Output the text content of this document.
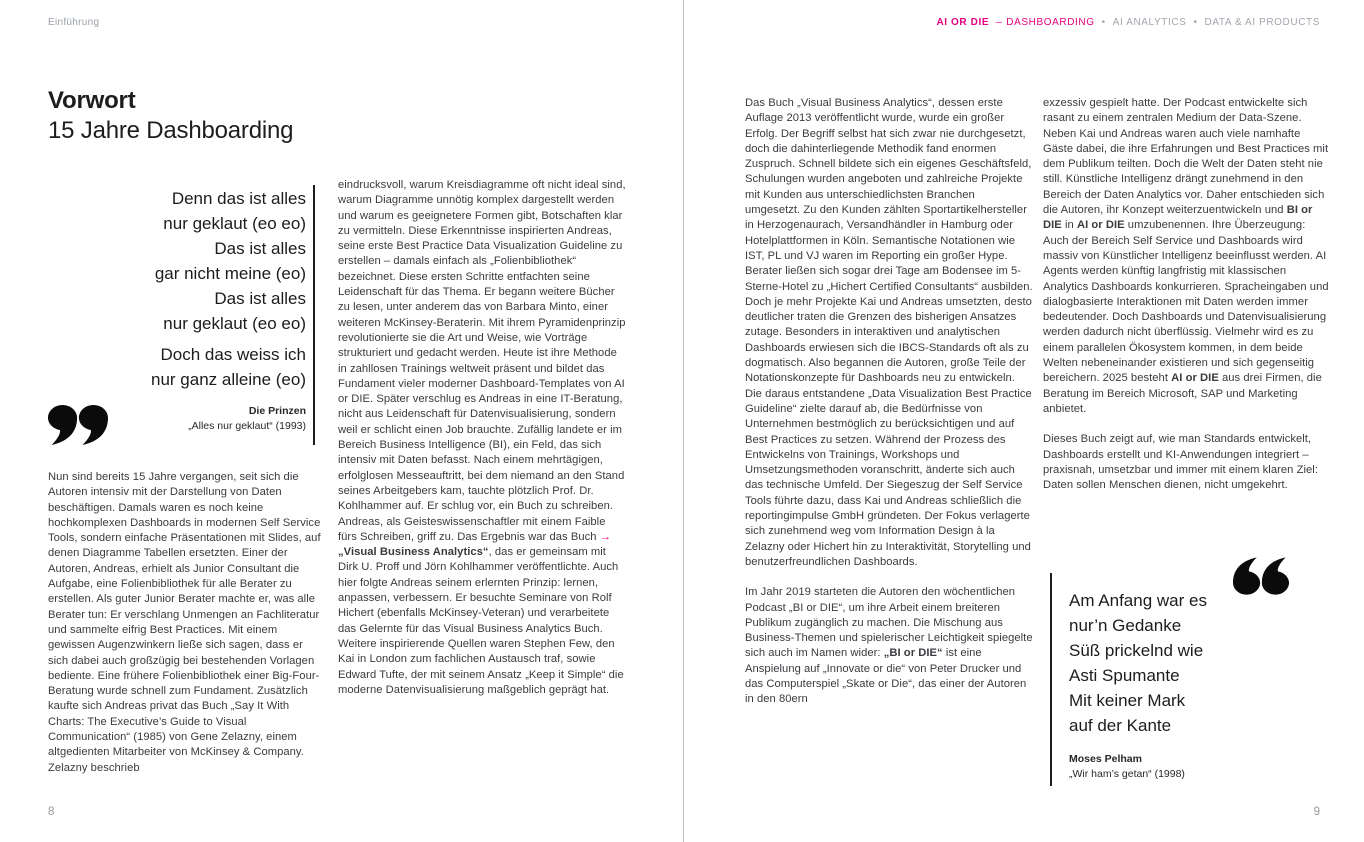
Einführung
Vorwort
15 Jahre Dashboarding
Denn das ist alles
nur geklaut (eo eo)
Das ist alles
gar nicht meine (eo)
Das ist alles
nur geklaut (eo eo)
Doch das weiss ich
nur ganz alleine (eo)
Die Prinzen
„Alles nur geklaut“ (1993)

Nun sind bereits 15 Jahre vergangen, seit sich die Autoren intensiv mit der Darstellung von Daten beschäftigen. Damals waren es noch keine hochkomplexen Dashboards in modernen Self Service Tools, sondern einfache Präsentationen mit Slides, auf denen Diagramme Tabellen ersetzten. Einer der Autoren, Andreas, erhielt als Junior Consultant die Aufgabe, eine Folienbibliothek für alle Berater zu erstellen. Als guter Junior Berater machte er, was alle Berater tun: Er verschlang Unmengen an Fachliteratur und sammelte eifrig Best Practices. Mit einem gewissen Augenzwinkern ließe sich sagen, dass er sich dabei auch großzügig bei bestehenden Vorlagen bediente. Eine frühere Folienbibliothek einer Big-Four-Beratung wurde schnell zum Fundament. Zusätzlich kaufte sich Andreas privat das Buch „Say It With Charts: The Executive’s Guide to Visual Communication“ (1985) von Gene Zelazny, einem altgedienten Mitarbeiter von McKinsey & Company. Zelazny beschrieb

eindrucksvoll, warum Kreisdiagramme oft nicht ideal sind, warum Diagramme unnötig komplex dargestellt werden und warum es geeignetere Formen gibt, Botschaften klar zu vermitteln. Diese Erkenntnisse inspirierten Andreas, seine erste Best Practice Data Visualization Guideline zu erstellen – damals einfach als „Folienbibliothek“ bezeichnet. Diese ersten Schritte entfachten seine Leidenschaft für das Thema. Er begann weitere Bücher zu lesen, unter anderem das von Barbara Minto, einer weiteren McKinsey-Beraterin. Mit ihrem Pyramidenprinzip revolutionierte sie die Art und Weise, wie Vorträge strukturiert und gedacht werden. Heute ist ihre Methode in zahllosen Trainings weltweit präsent und bildet das Fundament vieler moderner Dashboard-Templates von AI or DIE. Später verschlug es Andreas in eine IT-Beratung, nicht aus Leidenschaft für Datenvisualisierung, sondern weil er schlicht einen Job brauchte. Zufällig landete er im Bereich Business Intelligence (BI), ein Feld, das sich intensiv mit Daten befasst. Nach einem mehrtägigen, erfolglosen Messeauftritt, bei dem niemand an den Stand seines Arbeitgebers kam, tauchte plötzlich Prof. Dr. Kohlhammer auf. Er schlug vor, ein Buch zu schreiben. Andreas, als Geisteswissenschaftler mit einem Faible fürs Schreiben, griff zu. Das Ergebnis war das Buch → „Visual Business Analytics“, das er gemeinsam mit Dirk U. Proff und Jörn Kohlhammer veröffentlichte. Auch hier folgte Andreas seinem erlernten Prinzip: lernen, anpassen, verbessern. Er besuchte Seminare von Rolf Hichert (ebenfalls McKinsey-Veteran) und verarbeitete das Gelernte für das Visual Business Analytics Buch. Weitere inspirierende Quellen waren Stephen Few, den Kai in London zum fachlichen Austausch traf, sowie Edward Tufte, der mit seinem Ansatz „Keep it Simple“ die moderne Datenvisualisierung maßgeblich geprägt hat.

8
AI OR DIE – DASHBOARDING • AI ANALYTICS • DATA & AI PRODUCTS

Das Buch „Visual Business Analytics“, dessen erste Auflage 2013 veröffentlicht wurde, wurde ein großer Erfolg. Der Begriff selbst hat sich zwar nie durchgesetzt, doch die dahinterliegende Methodik fand enormen Zuspruch. Schnell bildete sich ein eigenes Geschäftsfeld, Schulungen wurden angeboten und zahlreiche Projekte mit Kunden aus unterschiedlichsten Branchen umgesetzt. Zu den Kunden zählten Sportartikelhersteller in Herzogenaurach, Versandhändler in Hamburg oder Hotelplattformen in Köln. Semantische Notationen wie IST, PL und VJ waren im Reporting ein großer Hype. Berater ließen sich sogar drei Tage am Bodensee im 5-Sterne-Hotel zu „Hichert Certified Consultants“ ausbilden. Doch je mehr Projekte Kai und Andreas umsetzten, desto deutlicher traten die Grenzen des bisherigen Ansatzes zutage. Besonders in interaktiven und analytischen Dashboards erwiesen sich die IBCS-Standards oft als zu dogmatisch. Also begannen die Autoren, große Teile der Notationskonzepte für Dashboards neu zu entwickeln. Die daraus entstandene „Data Visualization Best Practice Guideline“ zielte darauf ab, die Bedürfnisse von Unternehmen bestmöglich zu berücksichtigen und auf Best Practices zu setzen. Während der Prozess des Entwickelns von Trainings, Workshops und Umsetzungsmethoden voranschritt, änderte sich auch das technische Umfeld. Der Siegeszug der Self Service Tools führte dazu, dass Kai und Andreas schließlich die reportingimpulse GmbH gründeten. Der Fokus verlagerte sich zunehmend weg vom Information Design à la Zelazny oder Hichert hin zu Interaktivität, Storytelling und benutzerfreundlichen Dashboards.

Im Jahr 2019 starteten die Autoren den wöchentlichen Podcast „BI or DIE“, um ihre Arbeit einem breiteren Publikum zugänglich zu machen. Die Mischung aus Business-Themen und spielerischer Leichtigkeit spiegelte sich auch im Namen wider: „BI or DIE“ ist eine Anspielung auf „Innovate or die“ von Peter Drucker und das Computerspiel „Skate or Die“, das einer der Autoren in den 80ern

exzessiv gespielt hatte. Der Podcast entwickelte sich rasant zu einem zentralen Medium der Data-Szene. Neben Kai und Andreas waren auch viele namhafte Gäste dabei, die ihre Erfahrungen und Best Practices mit dem Publikum teilten. Doch die Welt der Daten steht nie still. Künstliche Intelligenz drängt zunehmend in den Bereich der Daten Analytics vor. Daher entschieden sich die Autoren, ihr Konzept weiterzuentwickeln und BI or DIE in AI or DIE umzubenennen. Ihre Überzeugung: Auch der Bereich Self Service und Dashboards wird massiv von Künstlicher Intelligenz beeinflusst werden. AI Agents werden künftig langfristig mit klassischen Analytics Dashboards konkurrieren. Spracheingaben und dialogbasierte Interaktionen mit Daten werden immer bedeutender. Doch Dashboards und Datenvisualisierung werden dadurch nicht überflüssig. Vielmehr wird es zu einem parallelen Ökosystem kommen, in dem beide Welten nebeneinander existieren und sich gegenseitig bereichern. 2025 besteht AI or DIE aus drei Firmen, die Beratung im Bereich Microsoft, SAP und Marketing anbietet.

Dieses Buch zeigt auf, wie man Standards entwickelt, Dashboards erstellt und KI-Anwendungen integriert – praxisnah, umsetzbar und immer mit einem klaren Ziel: Daten sollen Menschen dienen, nicht umgekehrt.

Am Anfang war es
nur’n Gedanke
Süß prickelnd wie
Asti Spumante
Mit keiner Mark
auf der Kante
Moses Pelham
„Wir ham’s getan“ (1998)
9
